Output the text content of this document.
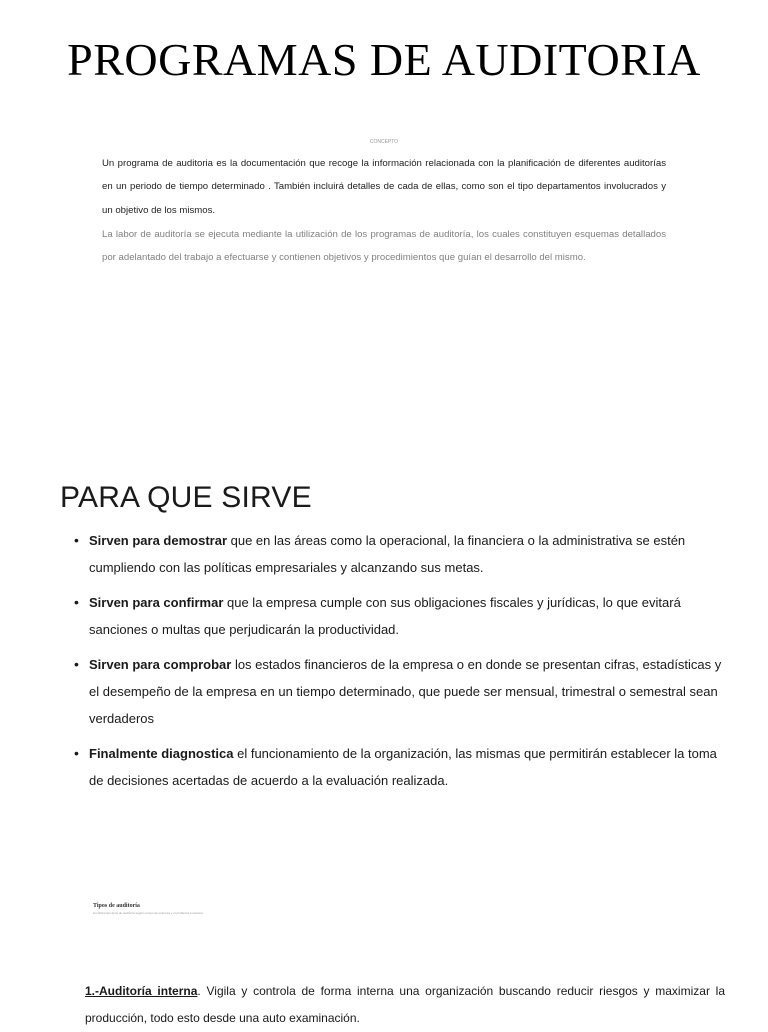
PROGRAMAS DE AUDITORIA
CONCEPTO
Un programa de auditoria es la documentación que recoge la información relacionada con la planificación de diferentes auditorías en un periodo de tiempo determinado . También incluirá detalles de cada de ellas, como son el tipo departamentos involucrados y un objetivo de los mismos.
La labor de auditoría se ejecuta mediante la utilización de los programas de auditoría, los cuales constituyen esquemas detallados por adelantado del trabajo a efectuarse y contienen objetivos y procedimientos que guían el desarrollo del mismo.
PARA QUE SIRVE
• Sirven para demostrar que en las áreas como la operacional, la financiera o la administrativa se estén cumpliendo con las políticas empresariales y alcanzando sus metas.
• Sirven para confirmar que la empresa cumple con sus obligaciones fiscales y jurídicas, lo que evitará sanciones o multas que perjudicarán la productividad.
• Sirven para comprobar los estados financieros de la empresa o en donde se presentan cifras, estadísticas y el desempeño de la empresa en un tiempo determinado, que puede ser mensual, trimestral o semestral sean verdaderos
• Finalmente diagnostica el funcionamiento de la organización, las mismas que permitirán establecer la toma de decisiones acertadas de acuerdo a la evaluación realizada.
Tipos de auditoría
los diferentes tipos de auditoría según su tipo de empresa y el problema a resolver.
1.-Auditoría interna. Vigila y controla de forma interna una organización buscando reducir riesgos y maximizar la producción, todo esto desde una auto examinación.
